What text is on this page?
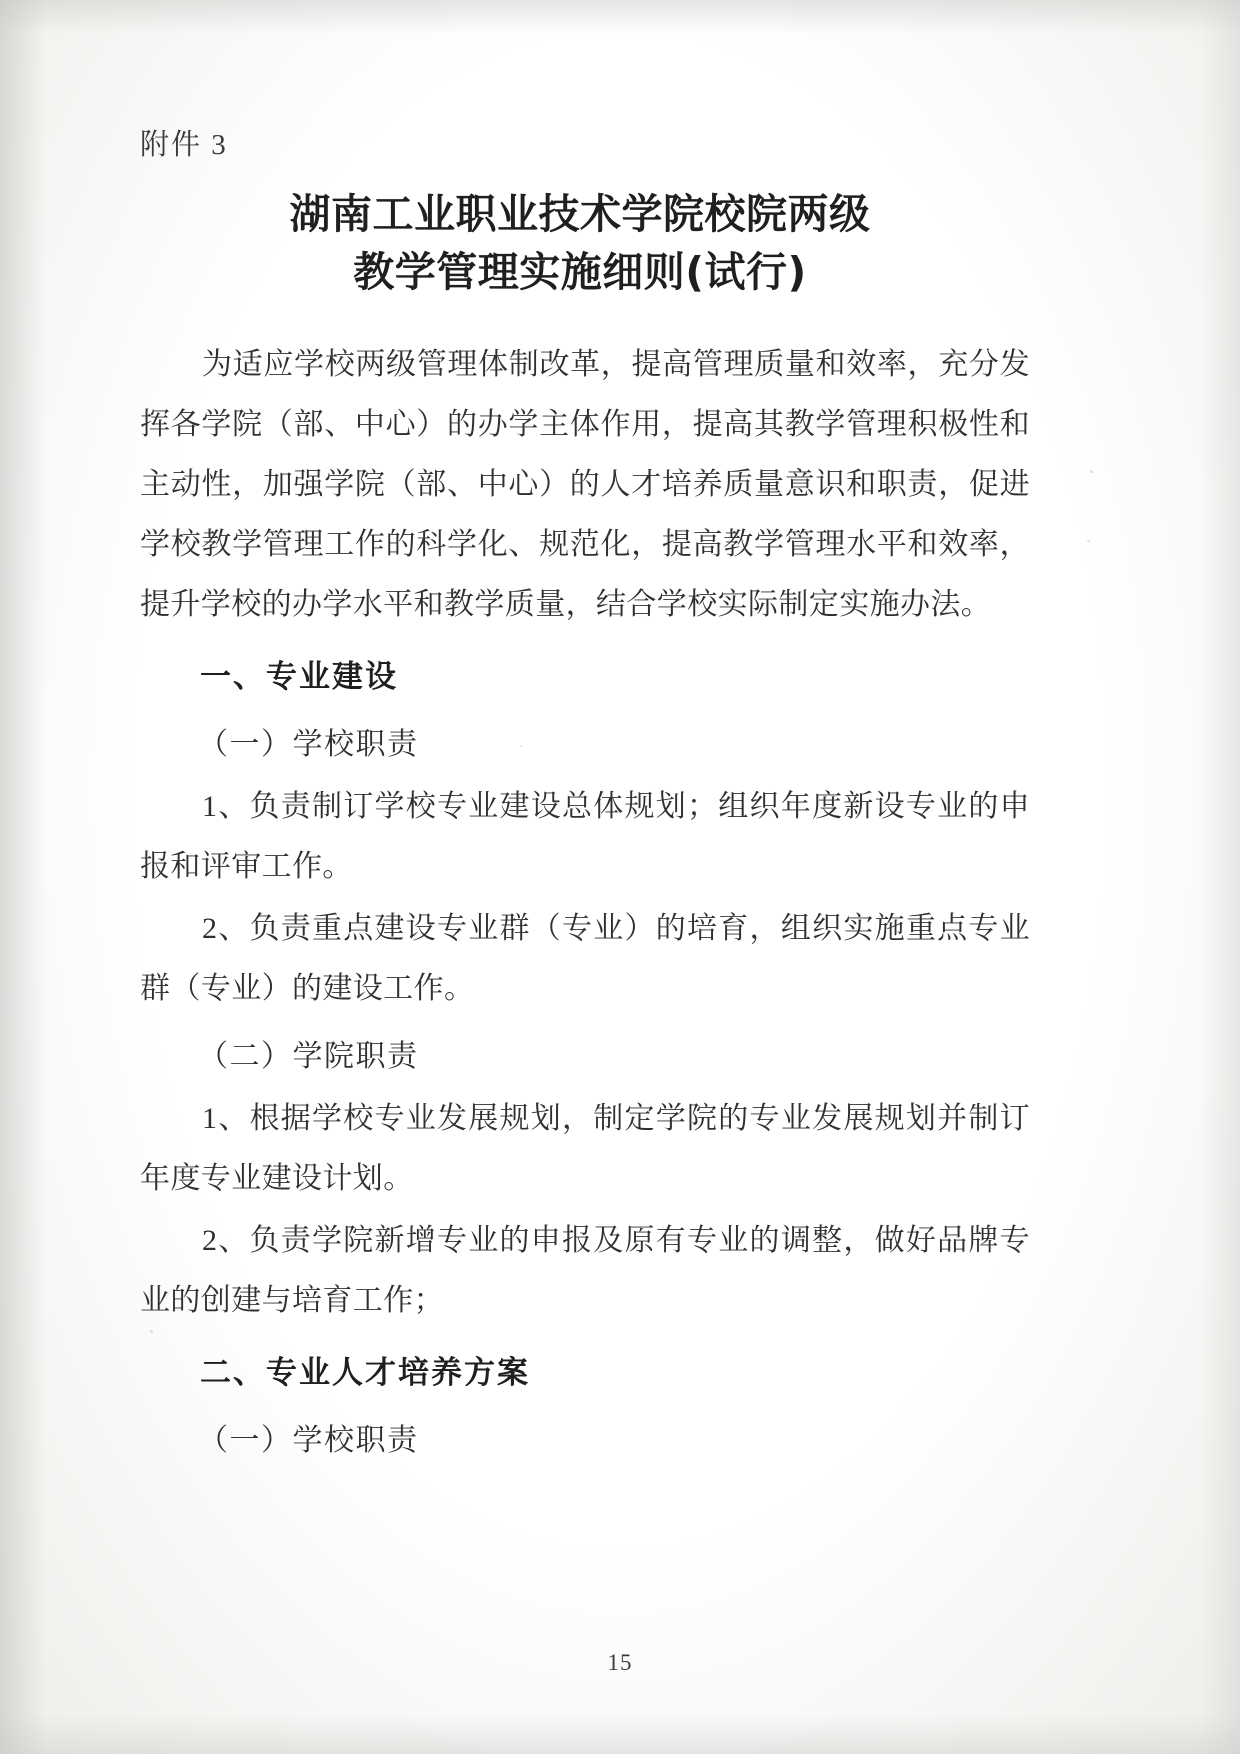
附件 3

湖南工业职业技术学院校院两级
教学管理实施细则(试行)

为适应学校两级管理体制改革，提高管理质量和效率，充分发挥各学院（部、中心）的办学主体作用，提高其教学管理积极性和主动性，加强学院（部、中心）的人才培养质量意识和职责，促进学校教学管理工作的科学化、规范化，提高教学管理水平和效率，提升学校的办学水平和教学质量，结合学校实际制定实施办法。

一、专业建设

（一）学校职责

1、负责制订学校专业建设总体规划；组织年度新设专业的申报和评审工作。

2、负责重点建设专业群（专业）的培育，组织实施重点专业群（专业）的建设工作。

（二）学院职责

1、根据学校专业发展规划，制定学院的专业发展规划并制订年度专业建设计划。

2、负责学院新增专业的申报及原有专业的调整，做好品牌专业的创建与培育工作；

二、专业人才培养方案

（一）学校职责

15
